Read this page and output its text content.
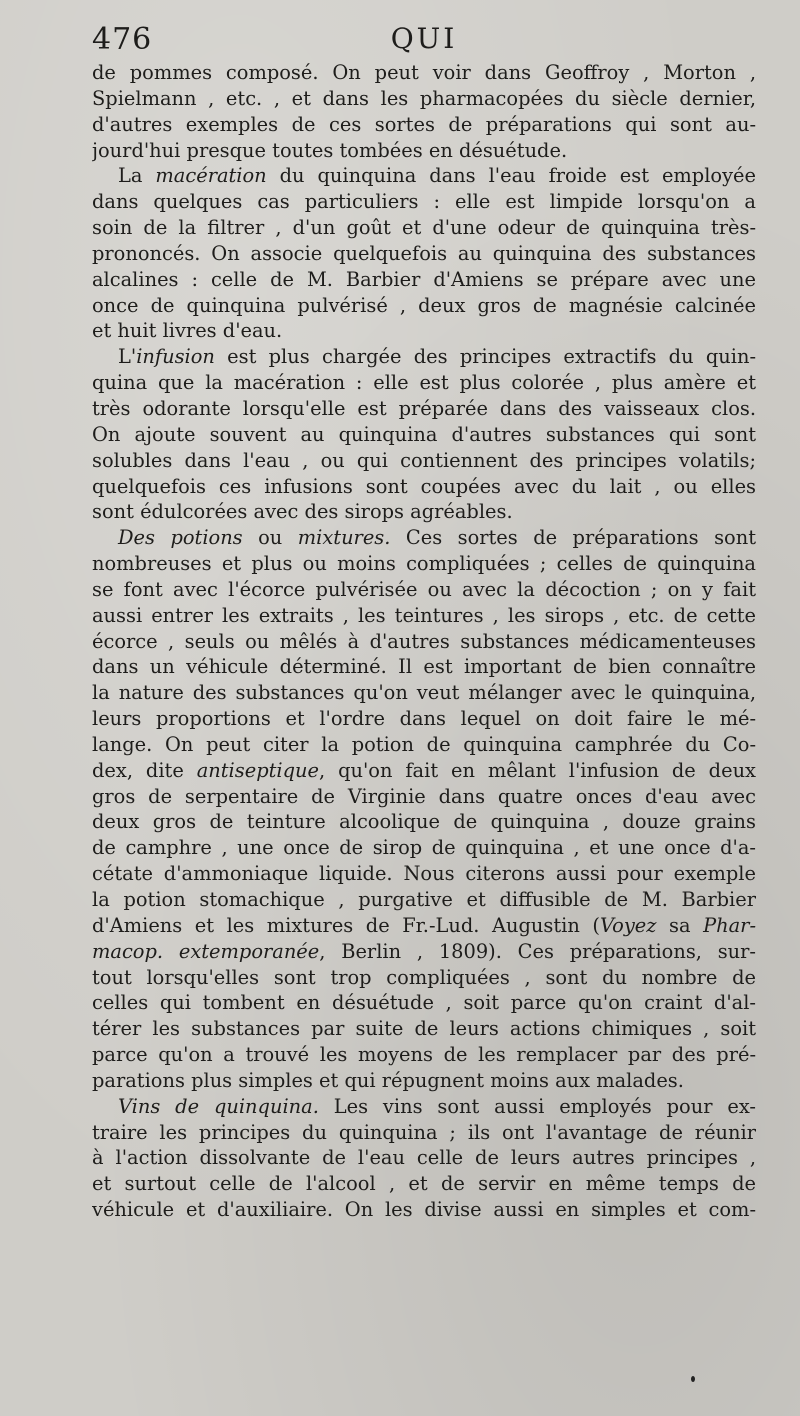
476	QUI
de pommes composé. On peut voir dans Geoffroy , Morton ,
Spielmann , etc. , et dans les pharmacopées du siècle dernier,
d'autres exemples de ces sortes de préparations qui sont au-
jourd'hui presque toutes tombées en désuétude.
La macération du quinquina dans l'eau froide est employée
dans quelques cas particuliers : elle est limpide lorsqu'on a
soin de la filtrer , d'un goût et d'une odeur de quinquina très-
prononcés. On associe quelquefois au quinquina des substances
alcalines : celle de M. Barbier d'Amiens se prépare avec une
once de quinquina pulvérisé , deux gros de magnésie calcinée
et huit livres d'eau.
L'infusion est plus chargée des principes extractifs du quin-
quina que la macération : elle est plus colorée , plus amère et
très odorante lorsqu'elle est préparée dans des vaisseaux clos.
On ajoute souvent au quinquina d'autres substances qui sont
solubles dans l'eau , ou qui contiennent des principes volatils;
quelquefois ces infusions sont coupées avec du lait , ou elles
sont édulcorées avec des sirops agréables.
Des potions ou mixtures. Ces sortes de préparations sont
nombreuses et plus ou moins compliquées ; celles de quinquina
se font avec l'écorce pulvérisée ou avec la décoction ; on y fait
aussi entrer les extraits , les teintures , les sirops , etc. de cette
écorce , seuls ou mêlés à d'autres substances médicamenteuses
dans un véhicule déterminé. Il est important de bien connaître
la nature des substances qu'on veut mélanger avec le quinquina,
leurs proportions et l'ordre dans lequel on doit faire le mé-
lange. On peut citer la potion de quinquina camphrée du Co-
dex, dite antiseptique, qu'on fait en mêlant l'infusion de deux
gros de serpentaire de Virginie dans quatre onces d'eau avec
deux gros de teinture alcoolique de quinquina , douze grains
de camphre , une once de sirop de quinquina , et une once d'a-
cétate d'ammoniaque liquide. Nous citerons aussi pour exemple
la potion stomachique , purgative et diffusible de M. Barbier
d'Amiens et les mixtures de Fr.-Lud. Augustin (Voyez sa Phar-
macop. extemporanée, Berlin , 1809). Ces préparations, sur-
tout lorsqu'elles sont trop compliquées , sont du nombre de
celles qui tombent en désuétude , soit parce qu'on craint d'al-
térer les substances par suite de leurs actions chimiques , soit
parce qu'on a trouvé les moyens de les remplacer par des pré-
parations plus simples et qui répugnent moins aux malades.
Vins de quinquina. Les vins sont aussi employés pour ex-
traire les principes du quinquina ; ils ont l'avantage de réunir
à l'action dissolvante de l'eau celle de leurs autres principes ,
et surtout celle de l'alcool , et de servir en même temps de
véhicule et d'auxiliaire. On les divise aussi en simples et com-
